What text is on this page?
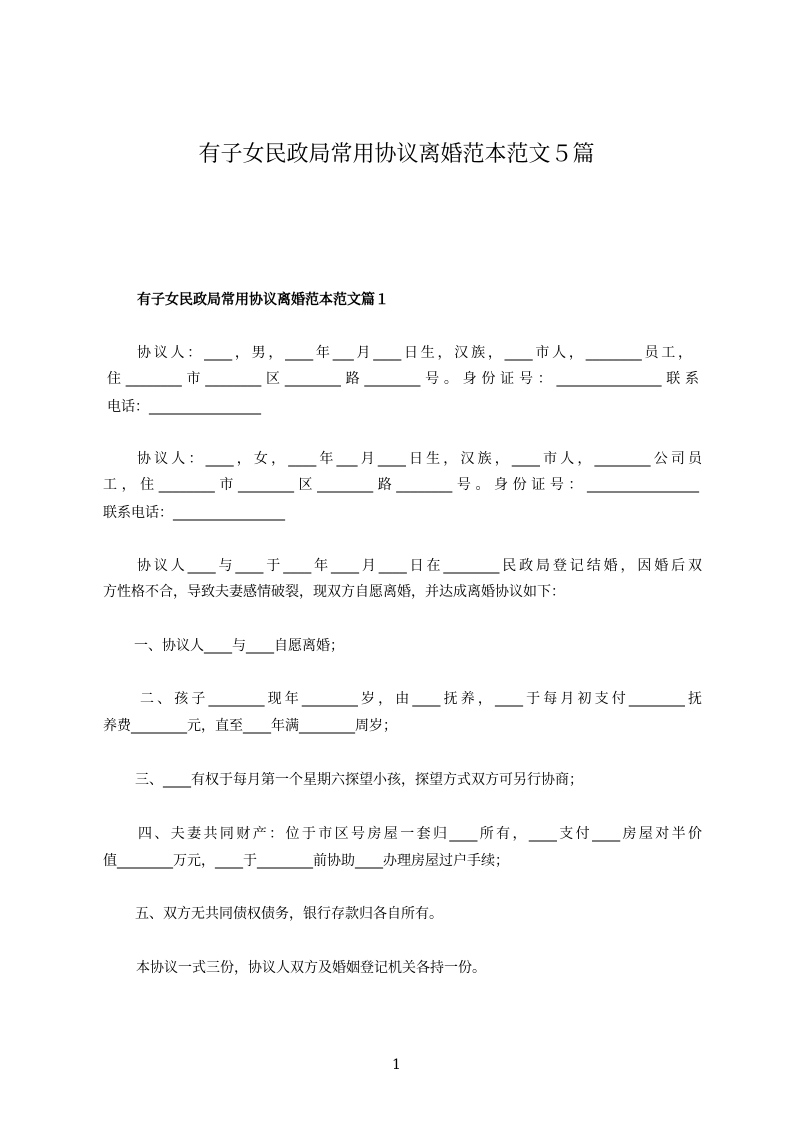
有子女民政局常用协议离婚范本范文５篇
有子女民政局常用协议离婚范本范文篇１
协议人：____，男，____年___月____日生，汉族，____市人，________员工，
住________市________区________路________号。身份证号：_______________联系
电话：________________
协议人：____，女，____年___月____日生，汉族，____市人，________公司员
工，住________市________区________路________号。身份证号：________________
联系电话：________________
协议人____与____于____年____月____日在________民政局登记结婚，因婚后双
方性格不合，导致夫妻感情破裂，现双方自愿离婚，并达成离婚协议如下：
一、协议人____与____自愿离婚；
二、孩子________现年________岁，由____抚养，____于每月初支付________抚
养费________元，直至____年满________周岁；
三、____有权于每月第一个星期六探望小孩，探望方式双方可另行协商；
四、夫妻共同财产：位于市区号房屋一套归____所有，____支付____房屋对半价
值________万元，____于________前协助____办理房屋过户手续；
五、双方无共同债权债务，银行存款归各自所有。
本协议一式三份，协议人双方及婚姻登记机关各持一份。
1
